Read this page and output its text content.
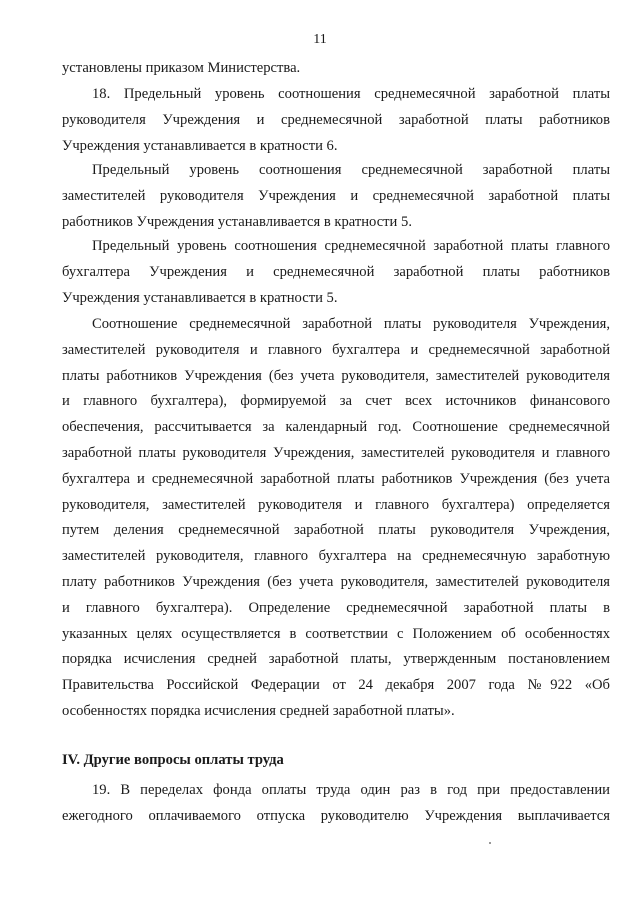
11
установлены приказом Министерства.
18. Предельный уровень соотношения среднемесячной заработной платы
руководителя Учреждения и среднемесячной заработной платы работников
Учреждения устанавливается в кратности 6.
Предельный уровень соотношения среднемесячной заработной платы
заместителей руководителя Учреждения и среднемесячной заработной платы
работников Учреждения устанавливается в кратности 5.
Предельный уровень соотношения среднемесячной заработной платы главного
бухгалтера Учреждения и среднемесячной заработной платы работников
Учреждения устанавливается в кратности 5.
Соотношение среднемесячной заработной платы руководителя Учреждения,
заместителей руководителя и главного бухгалтера и среднемесячной заработной
платы работников Учреждения (без учета руководителя, заместителей руководителя
и главного бухгалтера), формируемой за счет всех источников финансового
обеспечения, рассчитывается за календарный год. Соотношение среднемесячной
заработной платы руководителя Учреждения, заместителей руководителя и главного
бухгалтера и среднемесячной заработной платы работников Учреждения (без учета
руководителя, заместителей руководителя и главного бухгалтера) определяется
путем деления среднемесячной заработной платы руководителя Учреждения,
заместителей руководителя, главного бухгалтера на среднемесячную заработную
плату работников Учреждения (без учета руководителя, заместителей руководителя
и главного бухгалтера). Определение среднемесячной заработной платы в
указанных целях осуществляется в соответствии с Положением об особенностях
порядка исчисления средней заработной платы, утвержденным постановлением
Правительства Российской Федерации от 24 декабря 2007 года №922 «Об
особенностях порядка исчисления средней заработной платы».
IV. Другие вопросы оплаты труда
19. В переделах фонда оплаты труда один раз в год при предоставлении
ежегодного оплачиваемого отпуска руководителю Учреждения выплачивается
